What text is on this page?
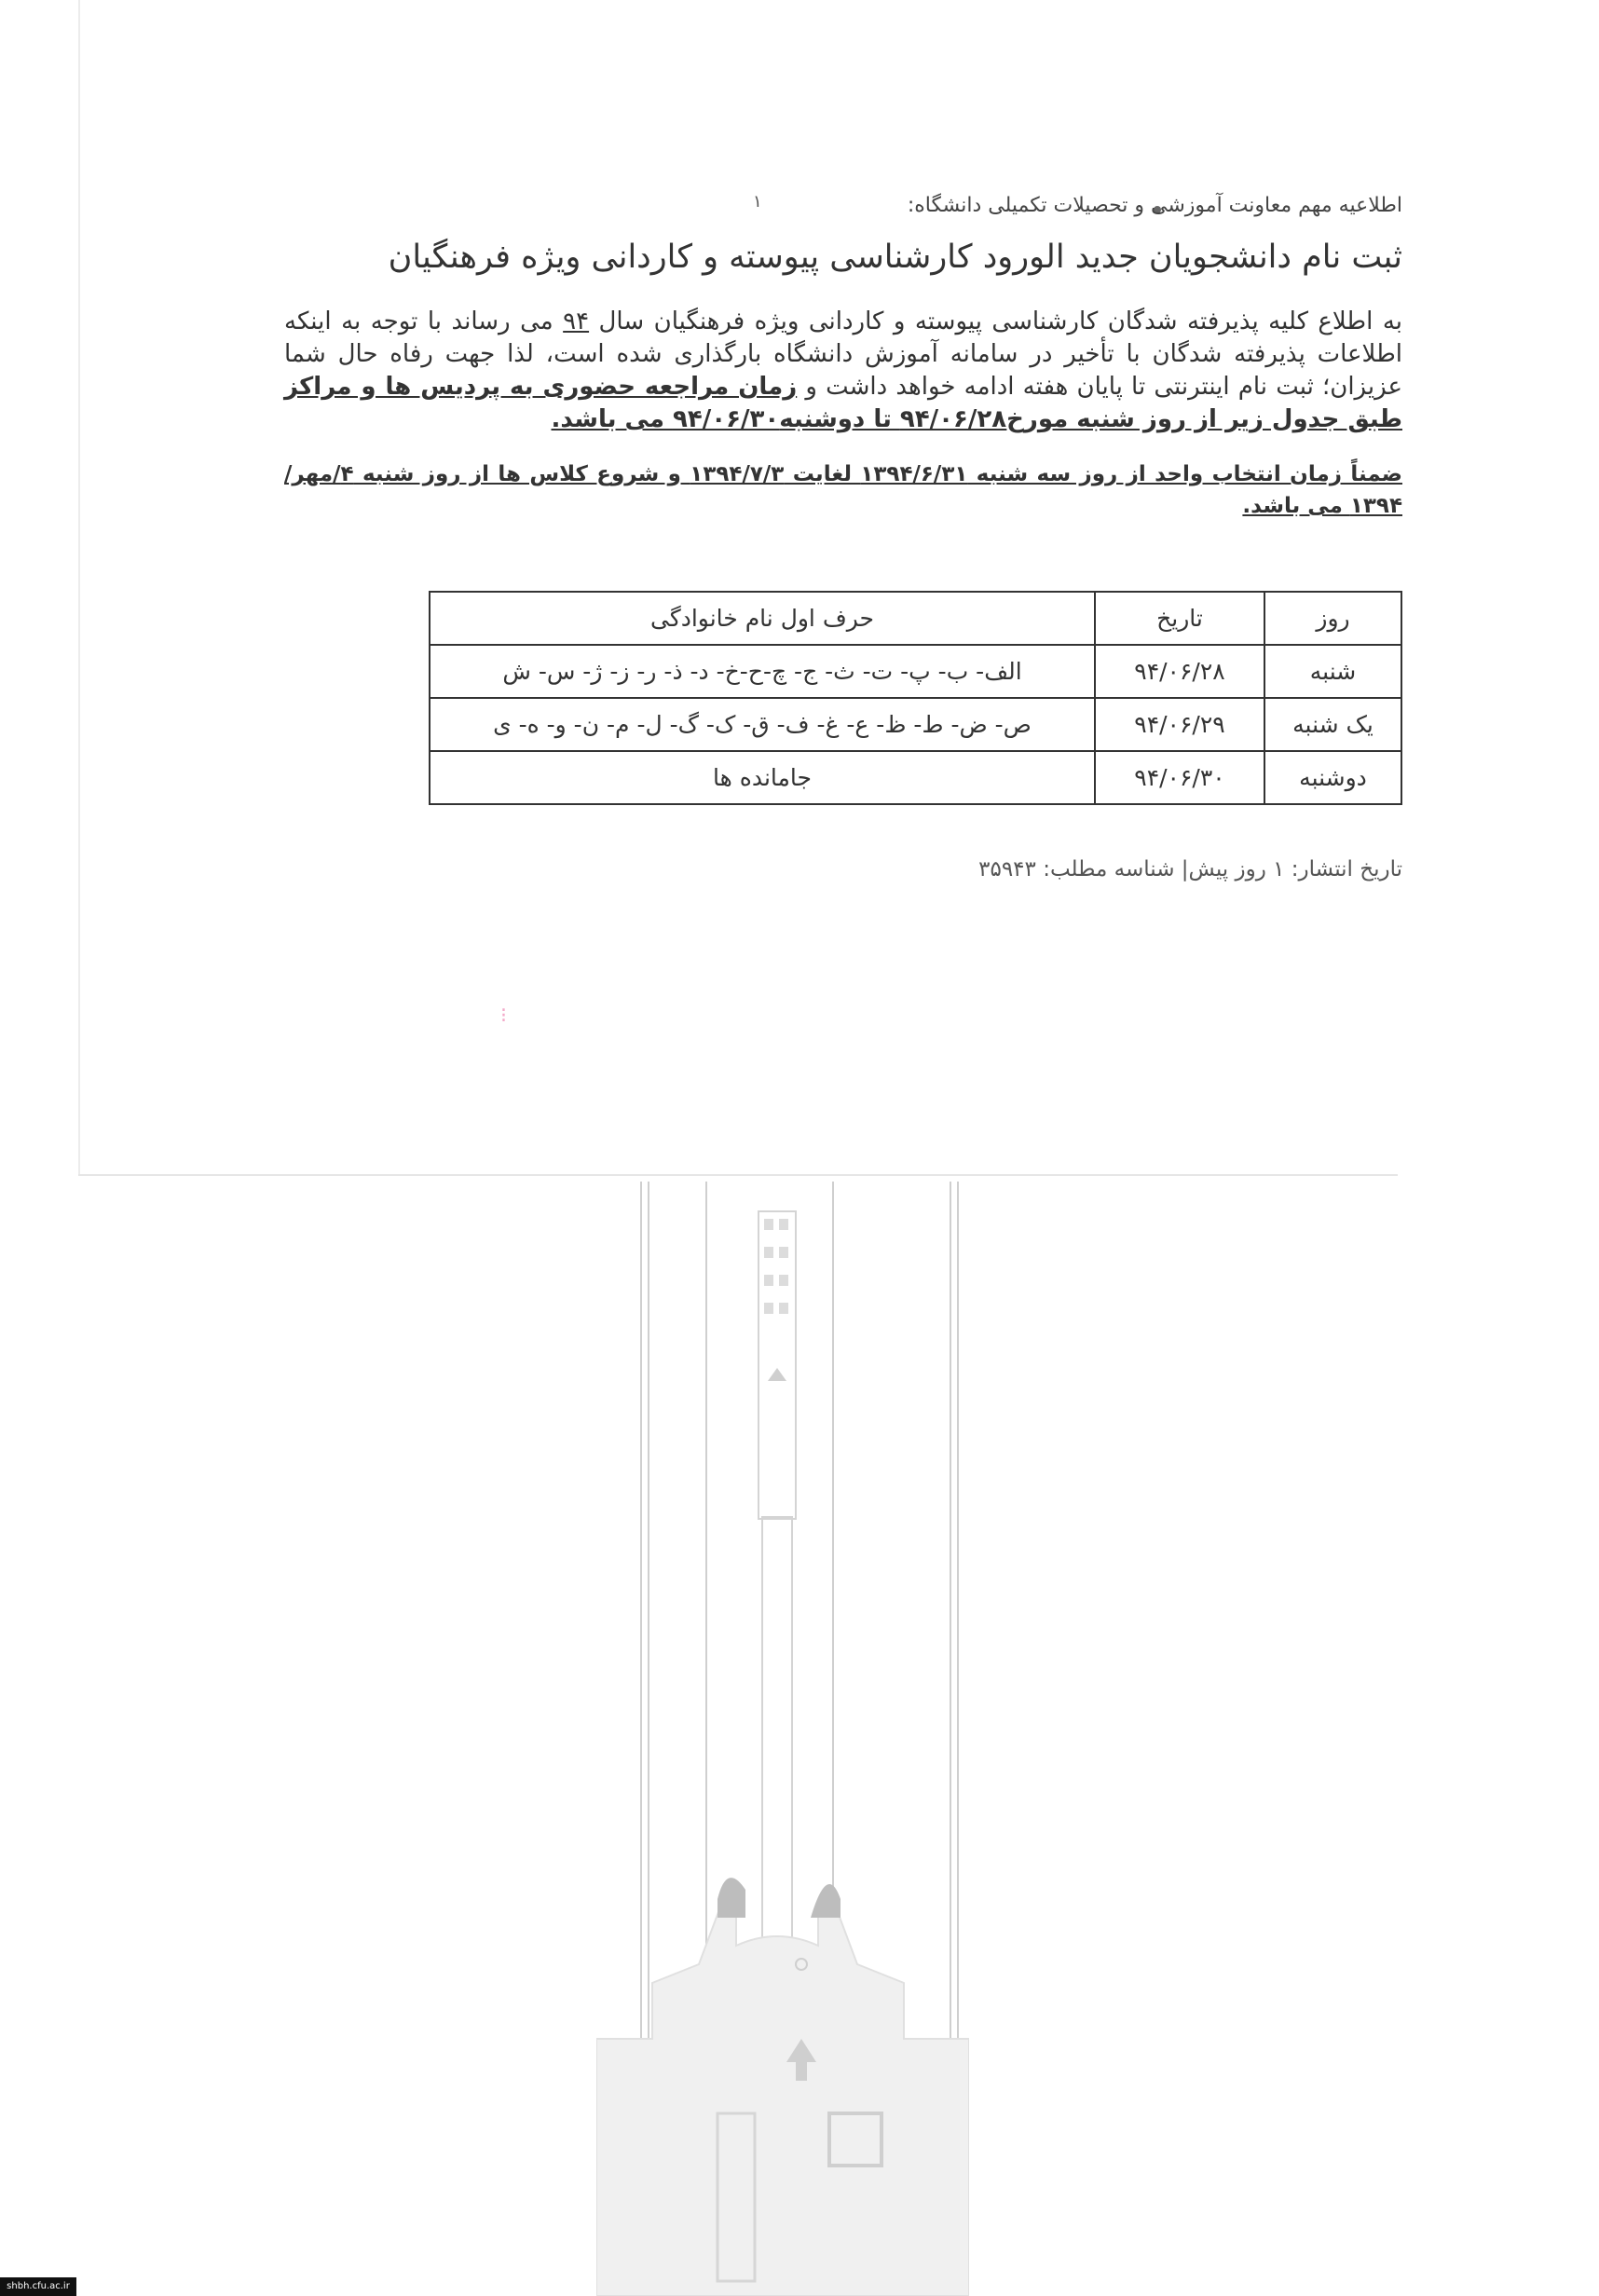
۱	اطلاعیه مهم معاونت آموزشی و تحصیلات تکمیلی دانشگاه:
ثبت نام دانشجویان جدید الورود کارشناسی پیوسته و کاردانی ویژه فرهنگیان
به اطلاع کلیه پذیرفته شدگان کارشناسی پیوسته و کاردانی ویژه فرهنگیان سال ۹۴ می رساند با توجه به اینکه اطلاعات پذیرفته شدگان با تأخیر در سامانه آموزش دانشگاه بارگذاری شده است، لذا جهت رفاه حال شما عزیزان؛ ثبت نام اینترنتی تا پایان هفته ادامه خواهد داشت و زمان مراجعه حضوری به پردیس ها و مراکز طبق جدول زیر از روز شنبه مورخ۹۴/۰۶/۲۸ تا دوشنبه۹۴/۰۶/۳۰ می باشد.
ضمناً زمان انتخاب واحد از روز سه شنبه ۱۳۹۴/۶/۳۱ لغایت ۱۳۹۴/۷/۳ و شروع کلاس ها از روز شنبه ۴/مهر/۱۳۹۴ می باشد.
روز	تاریخ	حرف اول نام خانوادگی
شنبه	۹۴/۰۶/۲۸	الف- ب- پ- ت- ث- ج- چ-ح-خ- د- ذ- ر- ز- ژ- س- ش
یک شنبه	۹۴/۰۶/۲۹	ص- ض- ط- ظ- ع- غ- ف- ق- ک- گ- ل- م- ن- و- ه- ی
دوشنبه	۹۴/۰۶/۳۰	جامانده ها
تاریخ انتشار: ۱ روز پیش| شناسه مطلب: ۳۵۹۴۳
⁝
shbh.cfu.ac.ir
